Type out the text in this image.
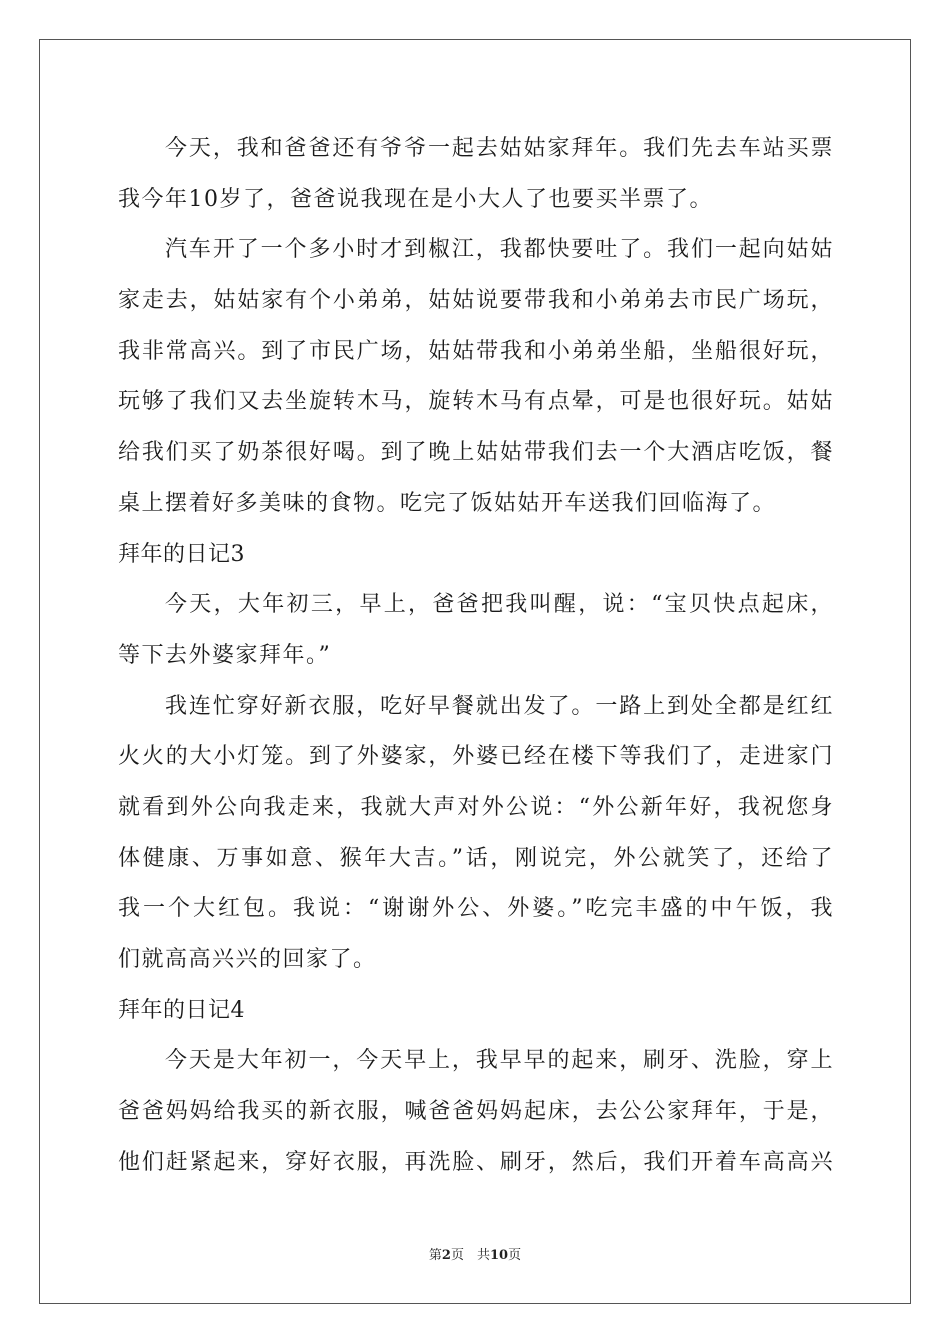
今天，我和爸爸还有爷爷一起去姑姑家拜年。我们先去车站买票
我今年10岁了，爸爸说我现在是小大人了也要买半票了。
汽车开了一个多小时才到椒江，我都快要吐了。我们一起向姑姑
家走去，姑姑家有个小弟弟，姑姑说要带我和小弟弟去市民广场玩，
我非常高兴。到了市民广场，姑姑带我和小弟弟坐船，坐船很好玩，
玩够了我们又去坐旋转木马，旋转木马有点晕，可是也很好玩。姑姑
给我们买了奶茶很好喝。到了晚上姑姑带我们去一个大酒店吃饭，餐
桌上摆着好多美味的食物。吃完了饭姑姑开车送我们回临海了。
拜年的日记3
今天，大年初三，早上，爸爸把我叫醒，说：“宝贝快点起床，
等下去外婆家拜年。”
我连忙穿好新衣服，吃好早餐就出发了。一路上到处全都是红红
火火的大小灯笼。到了外婆家，外婆已经在楼下等我们了，走进家门
就看到外公向我走来，我就大声对外公说：“外公新年好，我祝您身
体健康、万事如意、猴年大吉。”话，刚说完，外公就笑了，还给了
我一个大红包。我说：“谢谢外公、外婆。”吃完丰盛的中午饭，我
们就高高兴兴的回家了。
拜年的日记4
今天是大年初一，今天早上，我早早的起来，刷牙、洗脸，穿上
爸爸妈妈给我买的新衣服，喊爸爸妈妈起床，去公公家拜年，于是，
他们赶紧起来，穿好衣服，再洗脸、刷牙，然后，我们开着车高高兴
第2页　共10页
